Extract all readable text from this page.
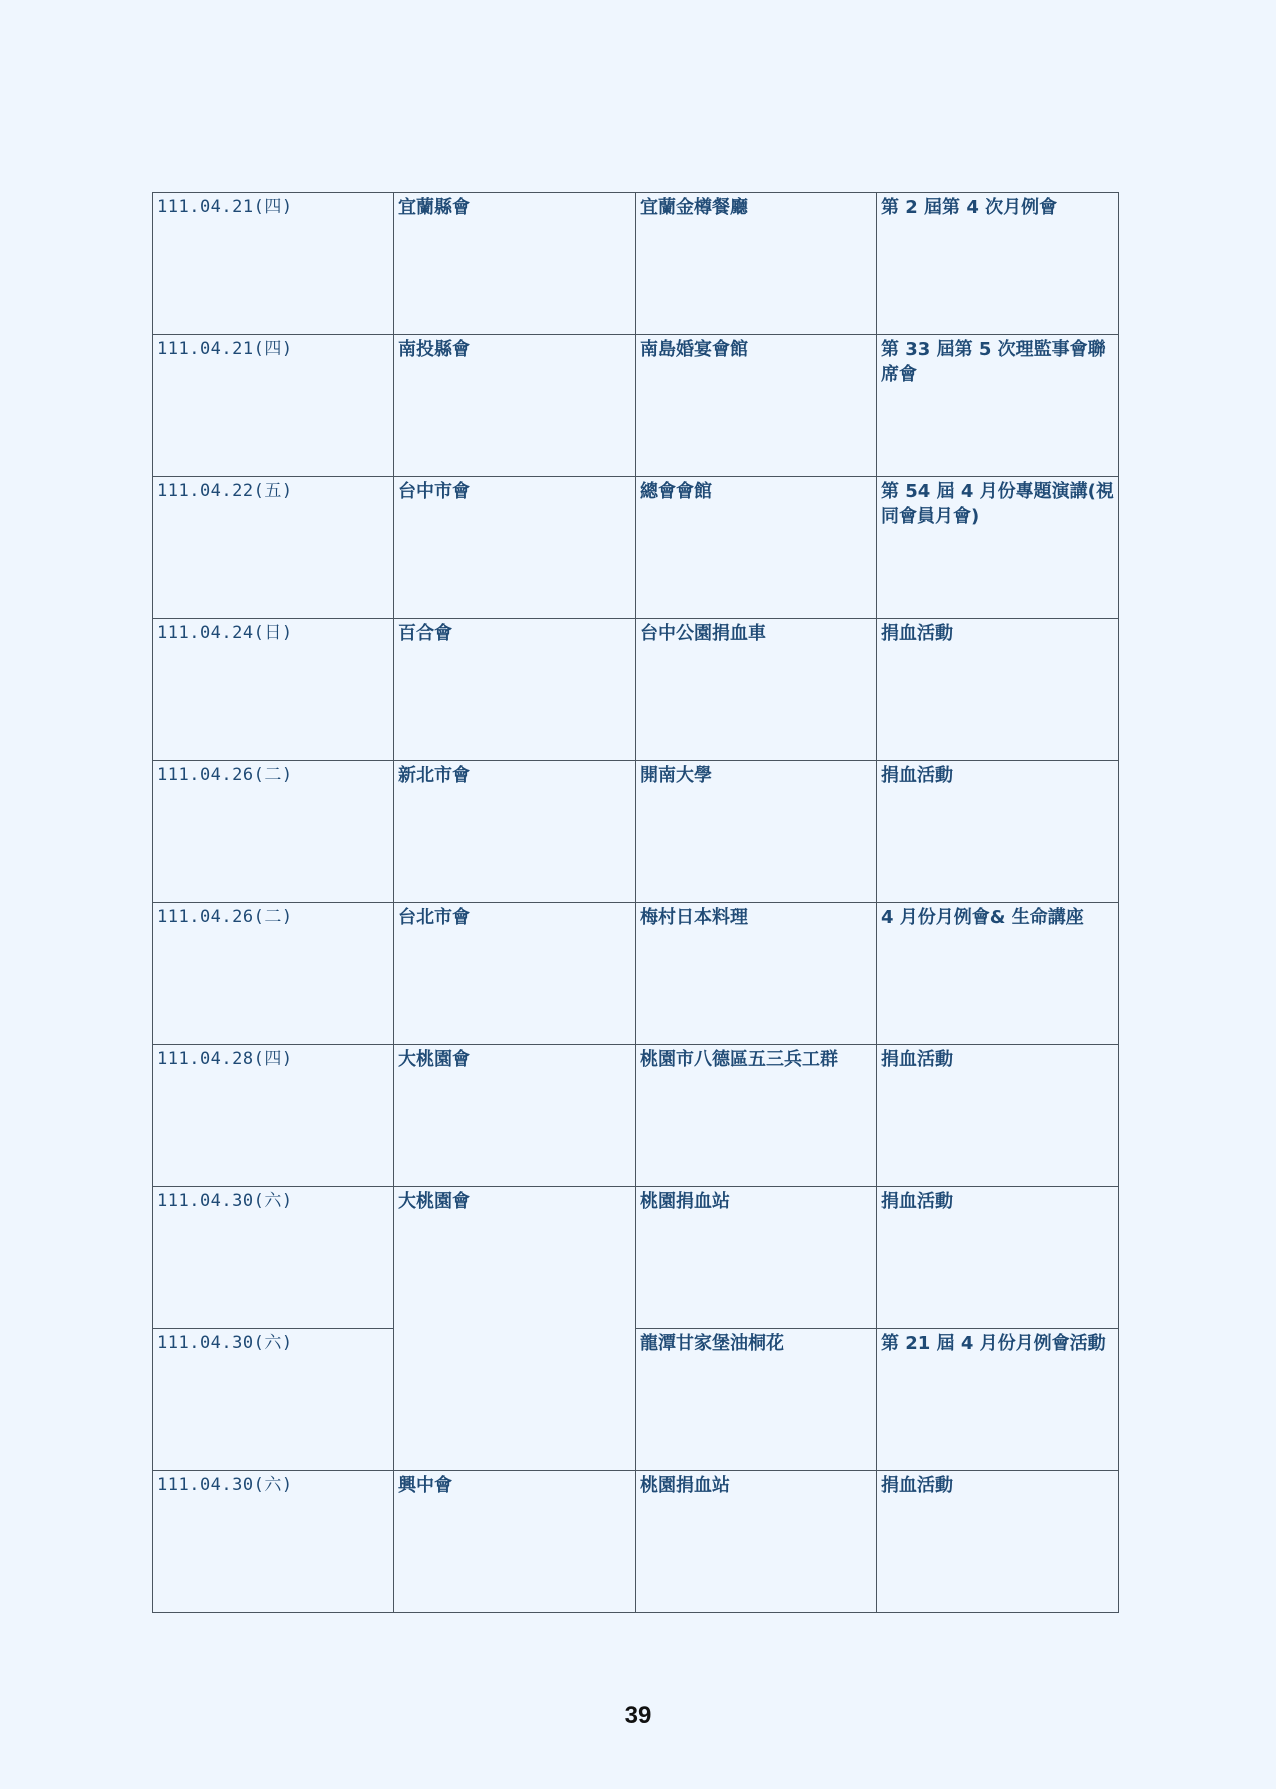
111.04.21(四)	宜蘭縣會	宜蘭金樽餐廳	第 2 屆第 4 次月例會
111.04.21(四)	南投縣會	南島婚宴會館	第 33 屆第 5 次理監事會聯席會
111.04.22(五)	台中市會	總會會館	第 54 屆 4 月份專題演講(視同會員月會)
111.04.24(日)	百合會	台中公園捐血車	捐血活動
111.04.26(二)	新北市會	開南大學	捐血活動
111.04.26(二)	台北市會	梅村日本料理	4 月份月例會& 生命講座
111.04.28(四)	大桃園會	桃園市八德區五三兵工群	捐血活動
111.04.30(六)	大桃園會	桃園捐血站	捐血活動
111.04.30(六)		龍潭甘家堡油桐花	第 21 屆 4 月份月例會活動
111.04.30(六)	興中會	桃園捐血站	捐血活動
39
